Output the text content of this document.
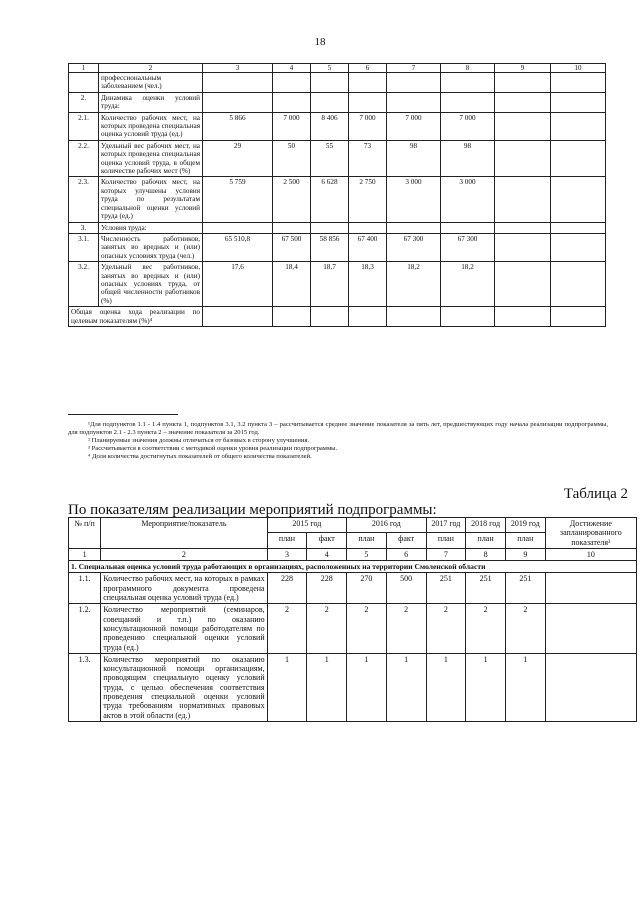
18
1	2	3	4	5	6	7	8	9	10
	профессиональным заболеванием (чел.)								
2.	Динамика оценки условий труда:								
2.1.	Количество рабочих мест, на которых проведена специальная оценка условий труда (ед.)	5 866	7 000	8 406	7 000	7 000	7 000		
2.2.	Удельный вес рабочих мест, на которых проведена специальная оценка условий труда, в общем количестве рабочих мест (%)	29	50	55	73	98	98		
2.3.	Количество рабочих мест, на которых улучшены условия труда по результатам специальной оценки условий труда (ед.)	5 759	2 500	6 628	2 750	3 000	3 000		
3.	Условия труда:								
3.1.	Численность работников, занятых во вредных и (или) опасных условиях труда (чел.)	65 510,8	67 500	58 856	67 400	67 300	67 300		
3.2.	Удельный вес работников, занятых во вредных и (или) опасных условиях труда, от общей численности работников (%)	17,6	18,4	18,7	18,3	18,2	18,2		
Общая оценка хода реализации по целевым показателям (%)⁴									

¹Для подпунктов 1.1 - 1.4 пункта 1, подпунктов 3.1, 3.2 пункта 3 – рассчитывается среднее значение показателя за пять лет, предшествующих году начала реализации подпрограммы, для подпунктов 2.1 - 2.3 пункта 2 – значение показателя за 2015 год.

² Планируемые значения должны отличаться от базовых в сторону улучшения.

³ Рассчитывается в соответствии с методикой оценки уровня реализации подпрограммы.

⁴ Доля количества достигнутых показателей от общего количества показателей.

Таблица 2
По показателям реализации мероприятий подпрограммы:
№ п/п	Мероприятие/показатель	2015 год		2016 год		2017 год	2018 год	2019 год	Достижение запланированного показателя³
		план	факт	план	факт	план	план	план	
1	2	3	4	5	6	7	8	9	10
1. Специальная оценка условий труда работающих в организациях, расположенных на территории Смоленской области									
1.1.	Количество рабочих мест, на которых в рамках программного документа проведена специальная оценка условий труда (ед.)	228	228	270	500	251	251	251	
1.2.	Количество мероприятий (семинаров, совещаний и т.п.) по оказанию консультационной помощи работодателям по проведению специальной оценки условий труда (ед.)	2	2	2	2	2	2	2	
1.3.	Количество мероприятий по оказанию консультационной помощи организациям, проводящим специальную оценку условий труда, с целью обеспечения соответствия проведения специальной оценки условий труда требованиям нормативных правовых актов в этой области (ед.)	1	1	1	1	1	1	1	
